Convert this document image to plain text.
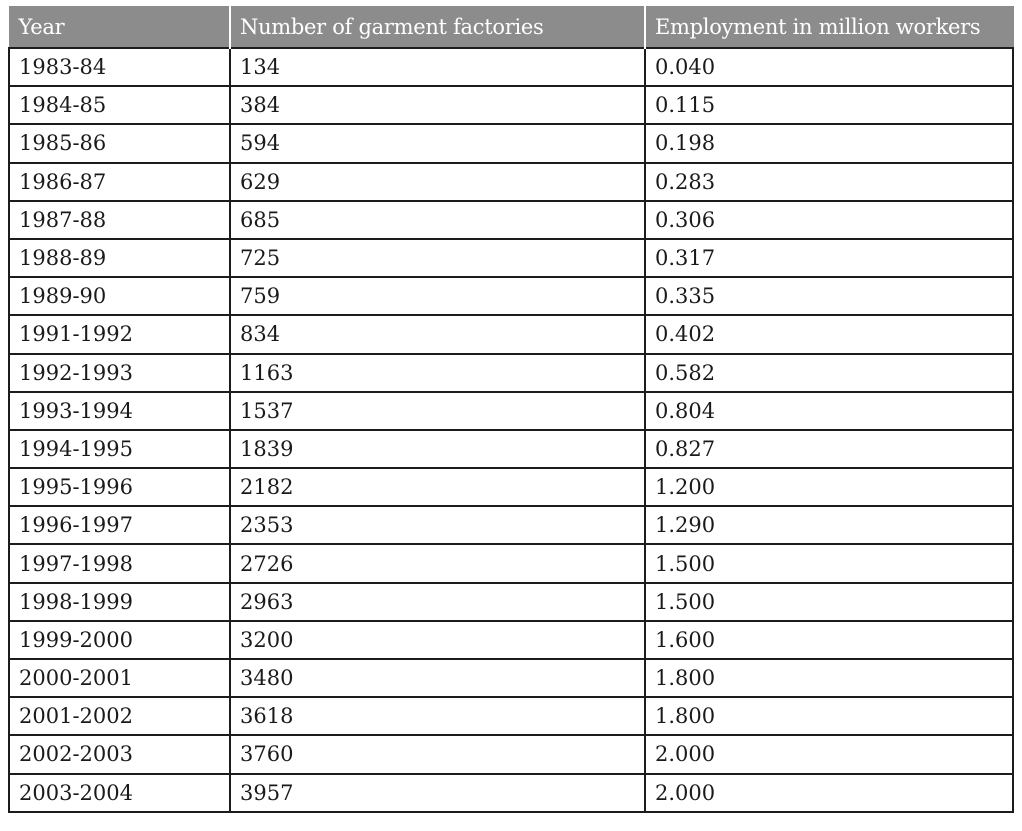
Year	Number of garment factories	Employment in million workers
1983-84	134	0.040
1984-85	384	0.115
1985-86	594	0.198
1986-87	629	0.283
1987-88	685	0.306
1988-89	725	0.317
1989-90	759	0.335
1991-1992	834	0.402
1992-1993	1163	0.582
1993-1994	1537	0.804
1994-1995	1839	0.827
1995-1996	2182	1.200
1996-1997	2353	1.290
1997-1998	2726	1.500
1998-1999	2963	1.500
1999-2000	3200	1.600
2000-2001	3480	1.800
2001-2002	3618	1.800
2002-2003	3760	2.000
2003-2004	3957	2.000
